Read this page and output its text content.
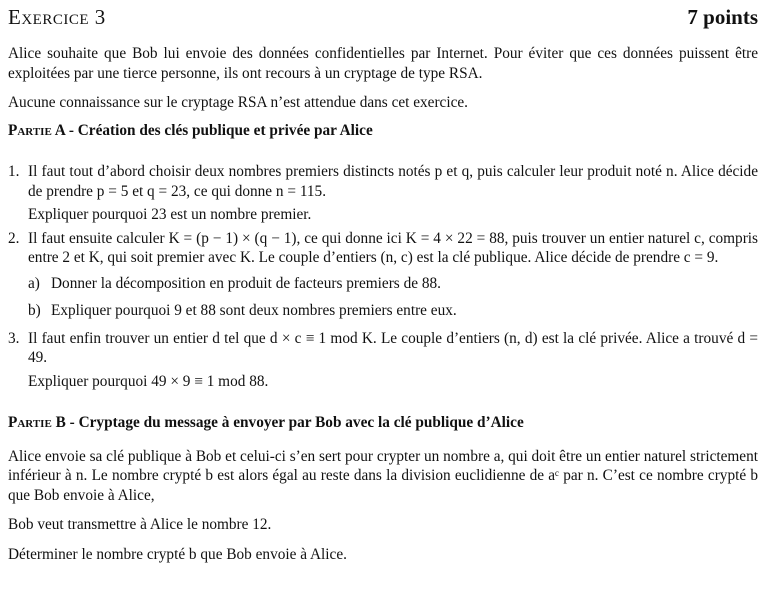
Exercice 3	7 points

Alice souhaite que Bob lui envoie des données confidentielles par Internet. Pour éviter que ces données puissent être exploitées par une tierce personne, ils ont recours à un cryptage de type RSA.

Aucune connaissance sur le cryptage RSA n’est attendue dans cet exercice.

Partie A - Création des clés publique et privée par Alice
1. Il faut tout d’abord choisir deux nombres premiers distincts notés p et q, puis calculer leur produit noté n. Alice décide de prendre p = 5 et q = 23, ce qui donne n = 115.

Expliquer pourquoi 23 est un nombre premier.

2. Il faut ensuite calculer K = (p − 1) × (q − 1), ce qui donne ici K = 4 × 22 = 88, puis trouver un entier naturel c, compris entre 2 et K, qui soit premier avec K. Le couple d’entiers (n, c) est la clé publique. Alice décide de prendre c = 9.

a) Donner la décomposition en produit de facteurs premiers de 88.
b) Expliquer pourquoi 9 et 88 sont deux nombres premiers entre eux.
3. Il faut enfin trouver un entier d tel que d × c ≡ 1 mod K. Le couple d’entiers (n, d) est la clé privée. Alice a trouvé d = 49.

Expliquer pourquoi 49 × 9 ≡ 1 mod 88.

Partie B - Cryptage du message à envoyer par Bob avec la clé publique d’Alice

Alice envoie sa clé publique à Bob et celui-ci s’en sert pour crypter un nombre a, qui doit être un entier naturel strictement inférieur à n. Le nombre crypté b est alors égal au reste dans la division euclidienne de aᶜ par n. C’est ce nombre crypté b que Bob envoie à Alice,

Bob veut transmettre à Alice le nombre 12.

Déterminer le nombre crypté b que Bob envoie à Alice.
